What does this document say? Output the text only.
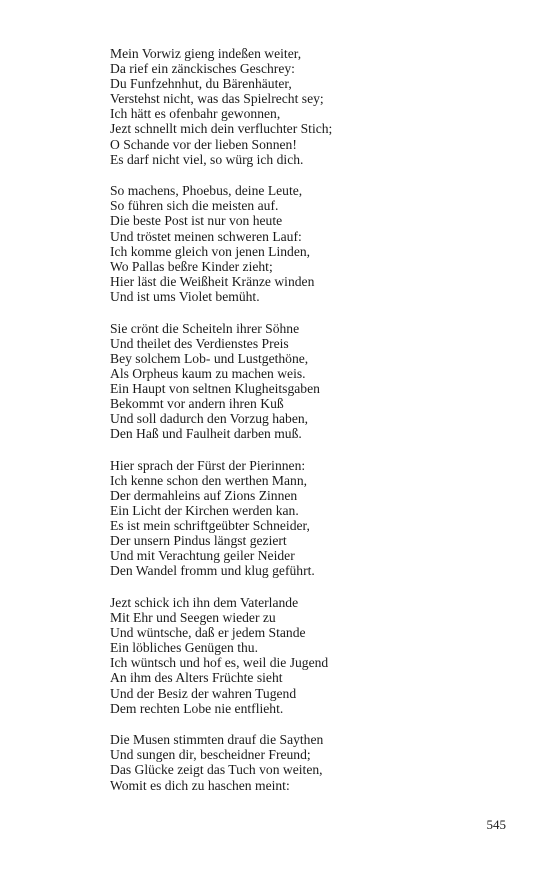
Mein Vorwiz gieng indeßen weiter,
Da rief ein zänckisches Geschrey:
Du Funfzehnhut, du Bärenhäuter,
Verstehst nicht, was das Spielrecht sey;
Ich hätt es ofenbahr gewonnen,
Jezt schnellt mich dein verfluchter Stich;
O Schande vor der lieben Sonnen!
Es darf nicht viel, so würg ich dich.
So machens, Phoebus, deine Leute,
So führen sich die meisten auf.
Die beste Post ist nur von heute
Und tröstet meinen schweren Lauf:
Ich komme gleich von jenen Linden,
Wo Pallas beßre Kinder zieht;
Hier läst die Weißheit Kränze winden
Und ist ums Violet bemüht.
Sie crönt die Scheiteln ihrer Söhne
Und theilet des Verdienstes Preis
Bey solchem Lob- und Lustgethöne,
Als Orpheus kaum zu machen weis.
Ein Haupt von seltnen Klugheitsgaben
Bekommt vor andern ihren Kuß
Und soll dadurch den Vorzug haben,
Den Haß und Faulheit darben muß.
Hier sprach der Fürst der Pierinnen:
Ich kenne schon den werthen Mann,
Der dermahleins auf Zions Zinnen
Ein Licht der Kirchen werden kan.
Es ist mein schriftgeübter Schneider,
Der unsern Pindus längst geziert
Und mit Verachtung geiler Neider
Den Wandel fromm und klug geführt.
Jezt schick ich ihn dem Vaterlande
Mit Ehr und Seegen wieder zu
Und wüntsche, daß er jedem Stande
Ein löbliches Genügen thu.
Ich wüntsch und hof es, weil die Jugend
An ihm des Alters Früchte sieht
Und der Besiz der wahren Tugend
Dem rechten Lobe nie entflieht.
Die Musen stimmten drauf die Saythen
Und sungen dir, bescheidner Freund;
Das Glücke zeigt das Tuch von weiten,
Womit es dich zu haschen meint:
545
